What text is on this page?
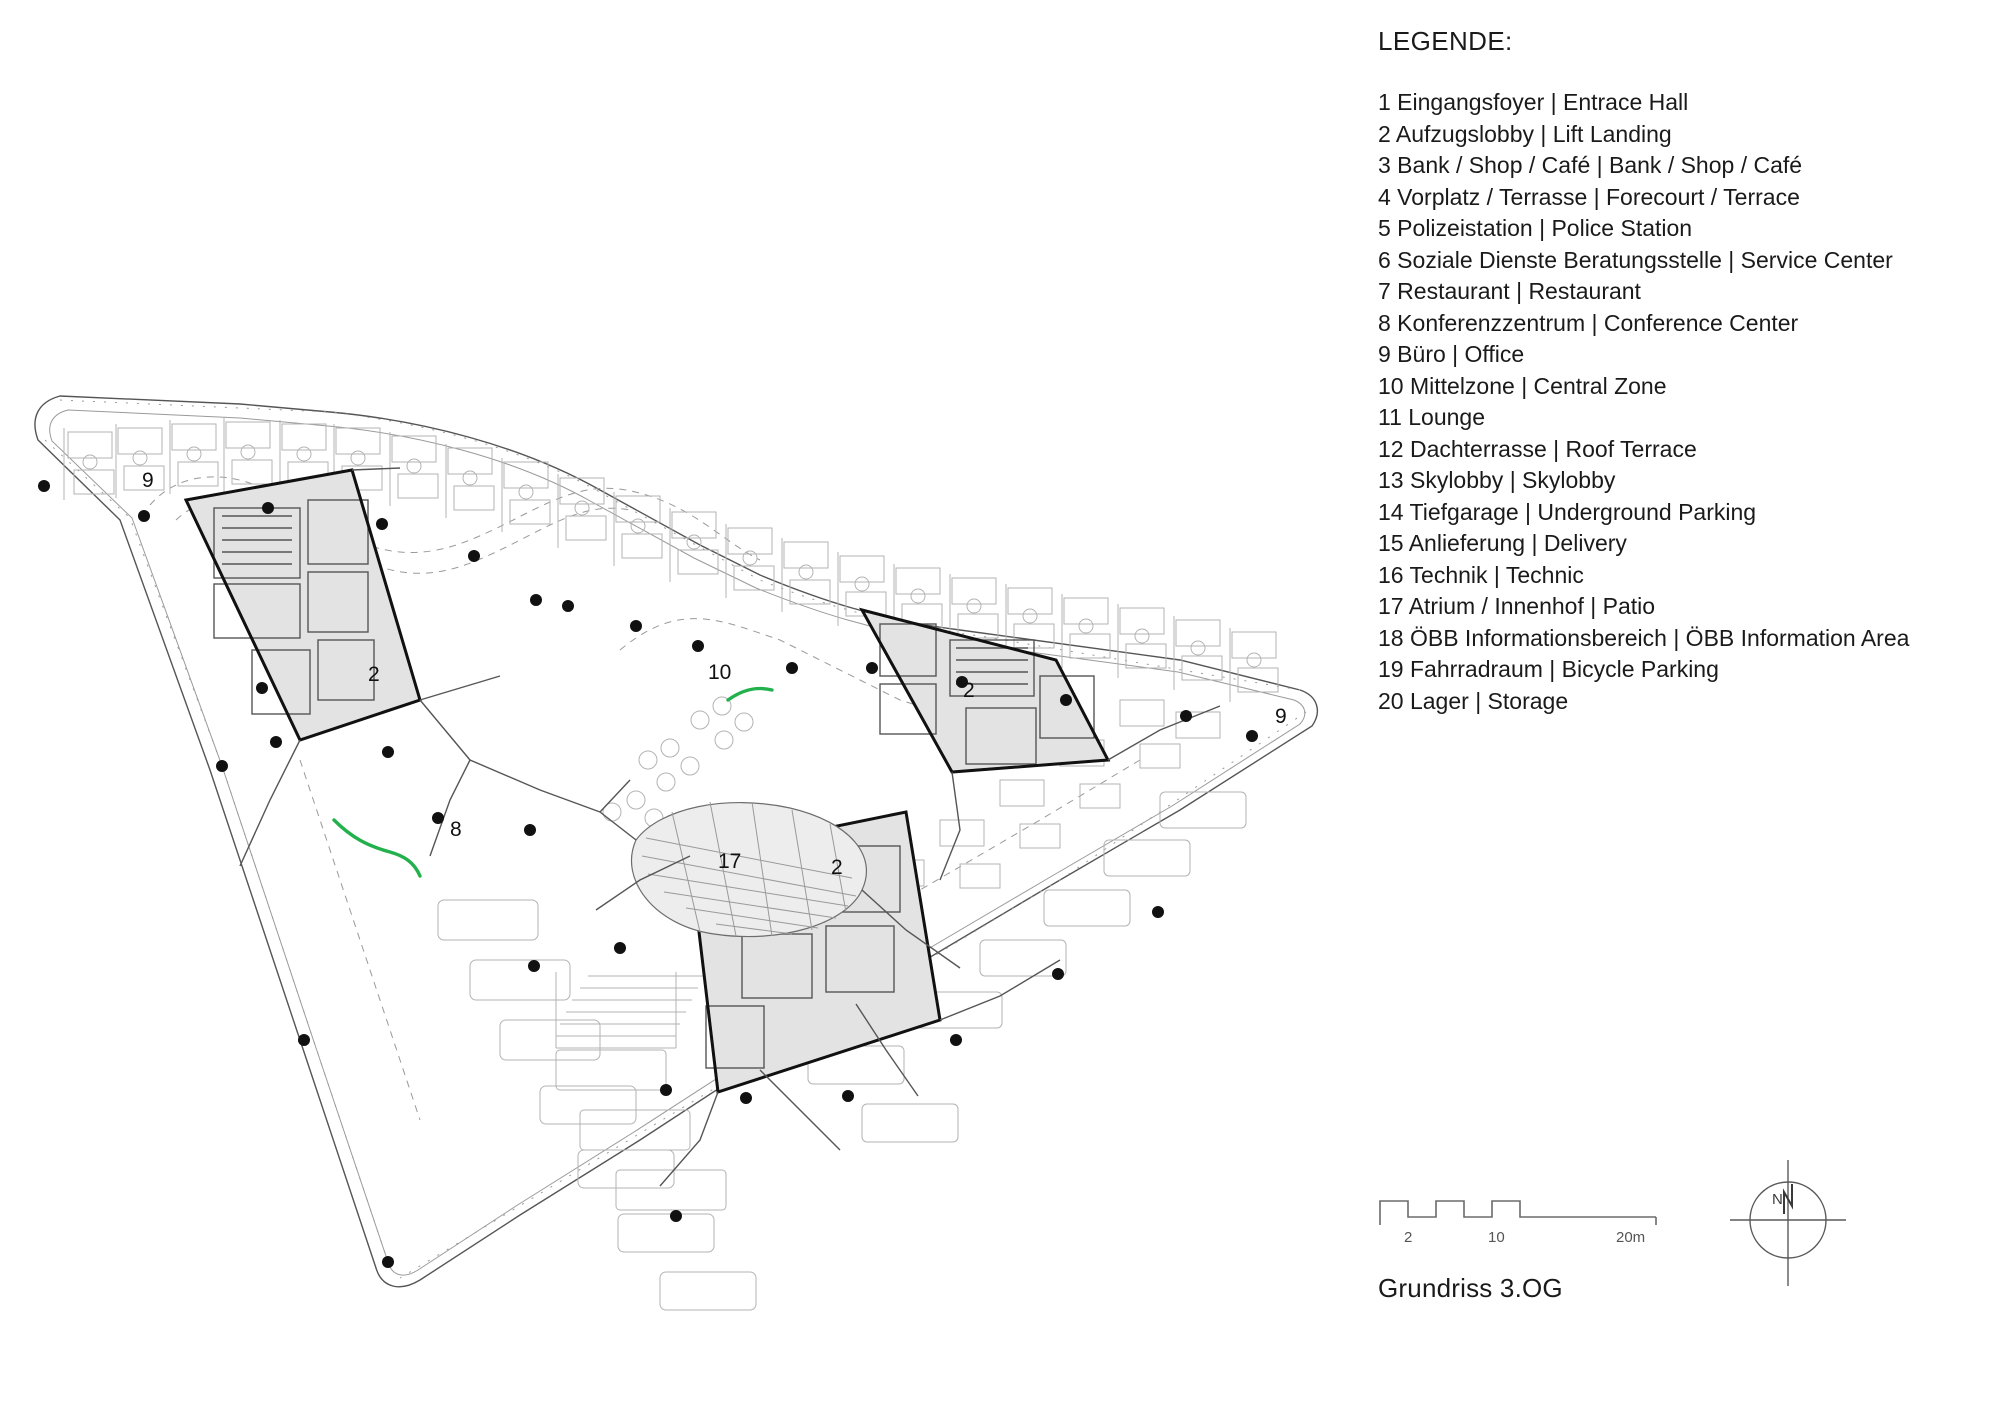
9
2	10
8
17
2
9
2
LEGENDE:
1 Eingangsfoyer | Entrace Hall
2 Aufzugslobby | Lift Landing
3 Bank / Shop / Café | Bank / Shop / Café
4 Vorplatz / Terrasse | Forecourt / Terrace
5 Polizeistation | Police Station
6 Soziale Dienste Beratungsstelle | Service Center
7 Restaurant | Restaurant
8 Konferenzzentrum | Conference Center
9 Büro | Office
10 Mittelzone | Central Zone
11 Lounge
12 Dachterrasse | Roof Terrace
13 Skylobby | Skylobby
14 Tiefgarage | Underground Parking
15 Anlieferung | Delivery
16 Technik | Technic
17 Atrium / Innenhof | Patio
18 ÖBB Informationsbereich | ÖBB Information Area
19 Fahrradraum | Bicycle Parking
20 Lager | Storage
2	10	20m
Grundriss 3.OG
N
